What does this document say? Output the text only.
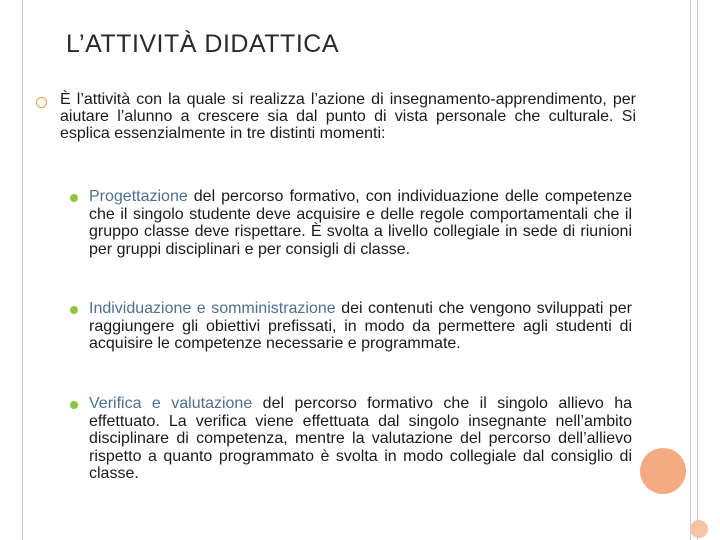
L’ATTIVITÀ DIDATTICA

È l’attività con la quale si realizza l’azione di insegnamento-apprendimento, per aiutare l’alunno a crescere sia dal punto di vista personale che culturale. Si esplica essenzialmente in tre distinti momenti:

Progettazione del percorso formativo, con individuazione delle competenze che il singolo studente deve acquisire e delle regole comportamentali che il gruppo classe deve rispettare. È svolta a livello collegiale in sede di riunioni per gruppi disciplinari e per consigli di classe.

Individuazione e somministrazione dei contenuti che vengono sviluppati per raggiungere gli obiettivi prefissati, in modo da permettere agli studenti di acquisire le competenze necessarie e programmate.

Verifica e valutazione del percorso formativo che il singolo allievo ha effettuato. La verifica viene effettuata dal singolo insegnante nell’ambito disciplinare di competenza, mentre la valutazione del percorso dell’allievo rispetto a quanto programmato è svolta in modo collegiale dal consiglio di classe.
